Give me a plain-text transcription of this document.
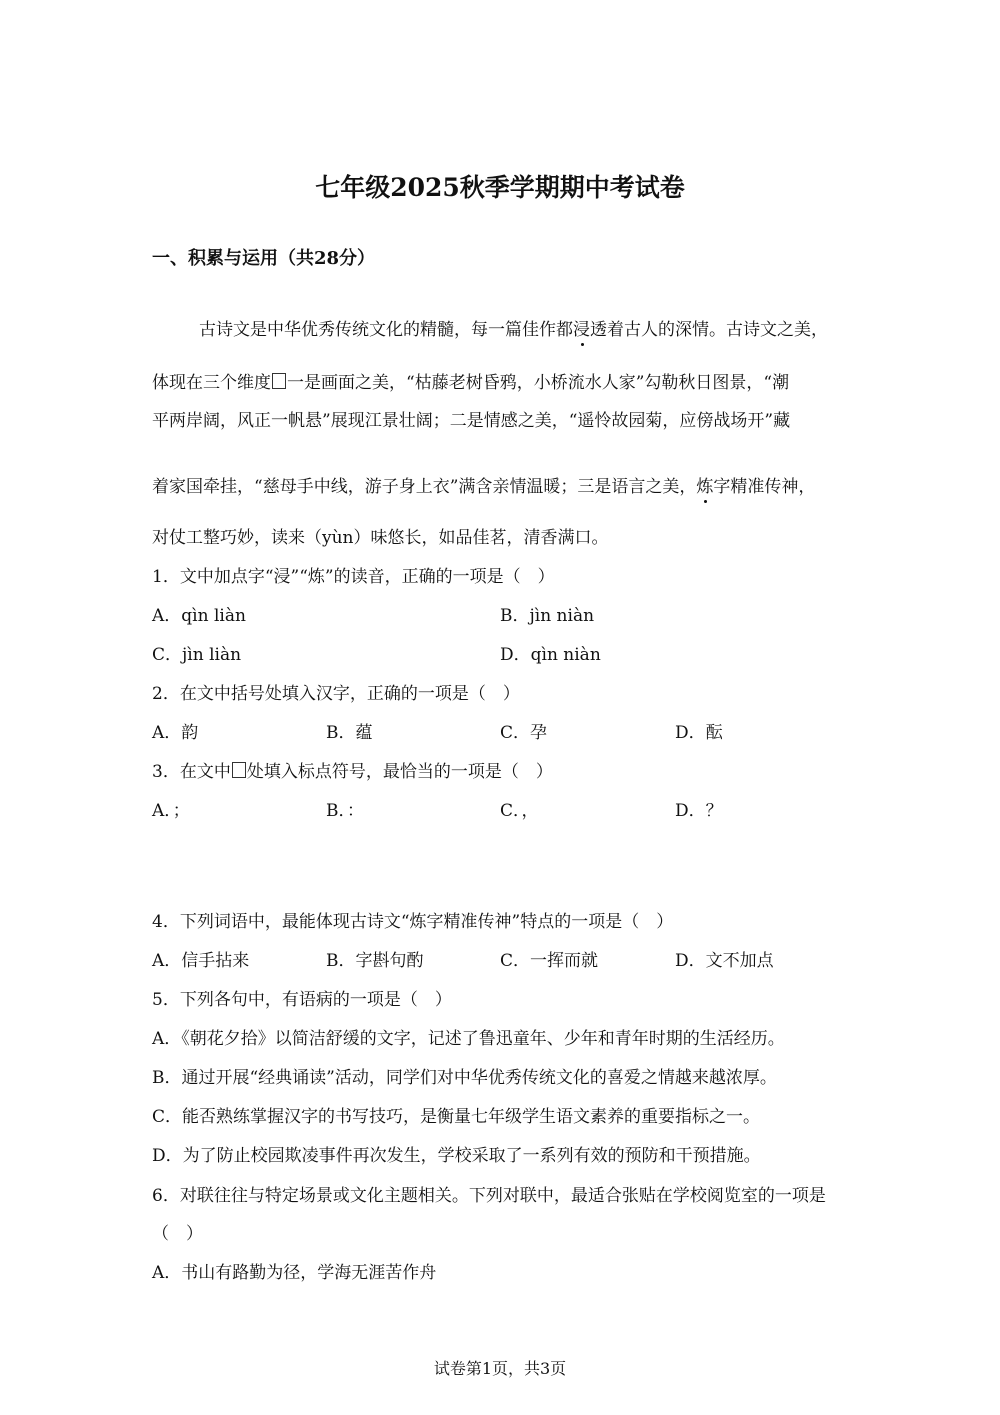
七年级2025秋季学期期中考试卷
一、积累与运用（共28分）
古诗文是中华优秀传统文化的精髓，每一篇佳作都浸透着古人的深情。古诗文之美，
体现在三个维度 一是画面之美，“枯藤老树昏鸦，小桥流水人家”勾勒秋日图景，“潮
平两岸阔，风正一帆悬”展现江景壮阔；二是情感之美，“遥怜故园菊，应傍战场开”藏
着家国牵挂，“慈母手中线，游子身上衣”满含亲情温暖；三是语言之美，炼字精准传神，
对仗工整巧妙，读来（yùn）味悠长，如品佳茗，清香满口。
1．文中加点字“浸”“炼”的读音，正确的一项是（　）
A．qìn liàn	B．jìn niàn
C．jìn liàn	D．qìn niàn
2．在文中括号处填入汉字，正确的一项是（　）
A．韵	B．蕴	C．孕	D．酝
3．在文中 处填入标点符号，最恰当的一项是（　）
A．；	B．：	C．，	D．？
4．下列词语中，最能体现古诗文“炼字精准传神”特点的一项是（　）
A．信手拈来	B．字斟句酌	C．一挥而就	D．文不加点
5．下列各句中，有语病的一项是（　）
A．《朝花夕拾》以简洁舒缓的文字，记述了鲁迅童年、少年和青年时期的生活经历。
B．通过开展“经典诵读”活动，同学们对中华优秀传统文化的喜爱之情越来越浓厚。
C．能否熟练掌握汉字的书写技巧，是衡量七年级学生语文素养的重要指标之一。
D．为了防止校园欺凌事件再次发生，学校采取了一系列有效的预防和干预措施。
6．对联往往与特定场景或文化主题相关。下列对联中，最适合张贴在学校阅览室的一项是
（　）
A．书山有路勤为径，学海无涯苦作舟
试卷第1页，共3页
